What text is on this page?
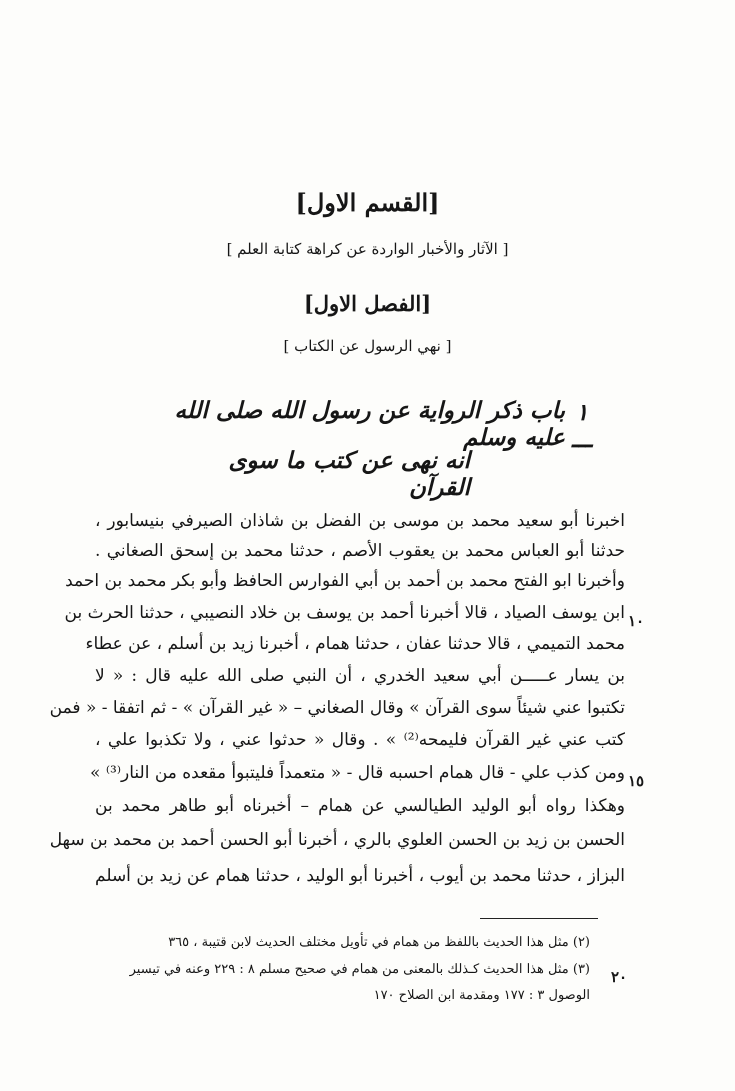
[القسم الاول]
[ الآثار والأخبار الواردة عن كراهة كتابة العلم ]
[الفصل الاول]
[ نهي الرسول عن الكتاب ]
١ ـــ
باب ذكر الرواية عن رسول الله صلى الله عليه وسلم
انه نهى عن كتب ما سوى القرآن
اخبرنا أبو سعيد محمد بن موسى بن الفضل بن شاذان الصيرفي بنيسابور ،
حدثنا أبو العباس محمد بن يعقوب الأصم ، حدثنا محمد بن إسحق الصغاني .
وأخبرنا ابو الفتح محمد بن أحمد بن أبي الفوارس الحافظ وأبو بكر محمد بن احمد
ابن يوسف الصياد ، قالا أخبرنا أحمد بن يوسف بن خلاد النصيبي ، حدثنا الحرث بن
محمد التميمي ، قالا حدثنا عفان ، حدثنا همام ، أخبرنا زيد بن أسلم ، عن عطاء
بن يسار عـــــن أبي سعيد الخدري ، أن النبي صلى الله عليه قال : « لا
تكتبوا عني شيئاً سوى القرآن » وقال الصغاني – « غير القرآن » - ثم اتفقا - « فمن
كتب عني غير القرآن فليمحه⁽²⁾ » . وقال « حدثوا عني ، ولا تكذبوا علي ،
ومن كذب علي - قال همام احسبه قال - « متعمداً فليتبوأ مقعده من النار⁽³⁾ »
وهكذا رواه أبو الوليد الطيالسي عن همام – أخبرناه أبو طاهر محمد بن
الحسن بن زيد بن الحسن العلوي بالري ، أخبرنا أبو الحسن أحمد بن محمد بن سهل
البزاز ، حدثنا محمد بن أيوب ، أخبرنا أبو الوليد ، حدثنا همام عن زيد بن أسلم
١٠
١٥
٢٠
(٢) مثل هذا الحديث باللفظ من همام في تأويل مختلف الحديث لابن قتيبة ، ٣٦٥
(٣) مثل هذا الحديث كـذلك بالمعنى من همام في صحيح مسلم ٨ : ٢٢٩ وعنه في تيسير
الوصول ٣ : ١٧٧ ومقدمة ابن الصلاح ١٧٠
